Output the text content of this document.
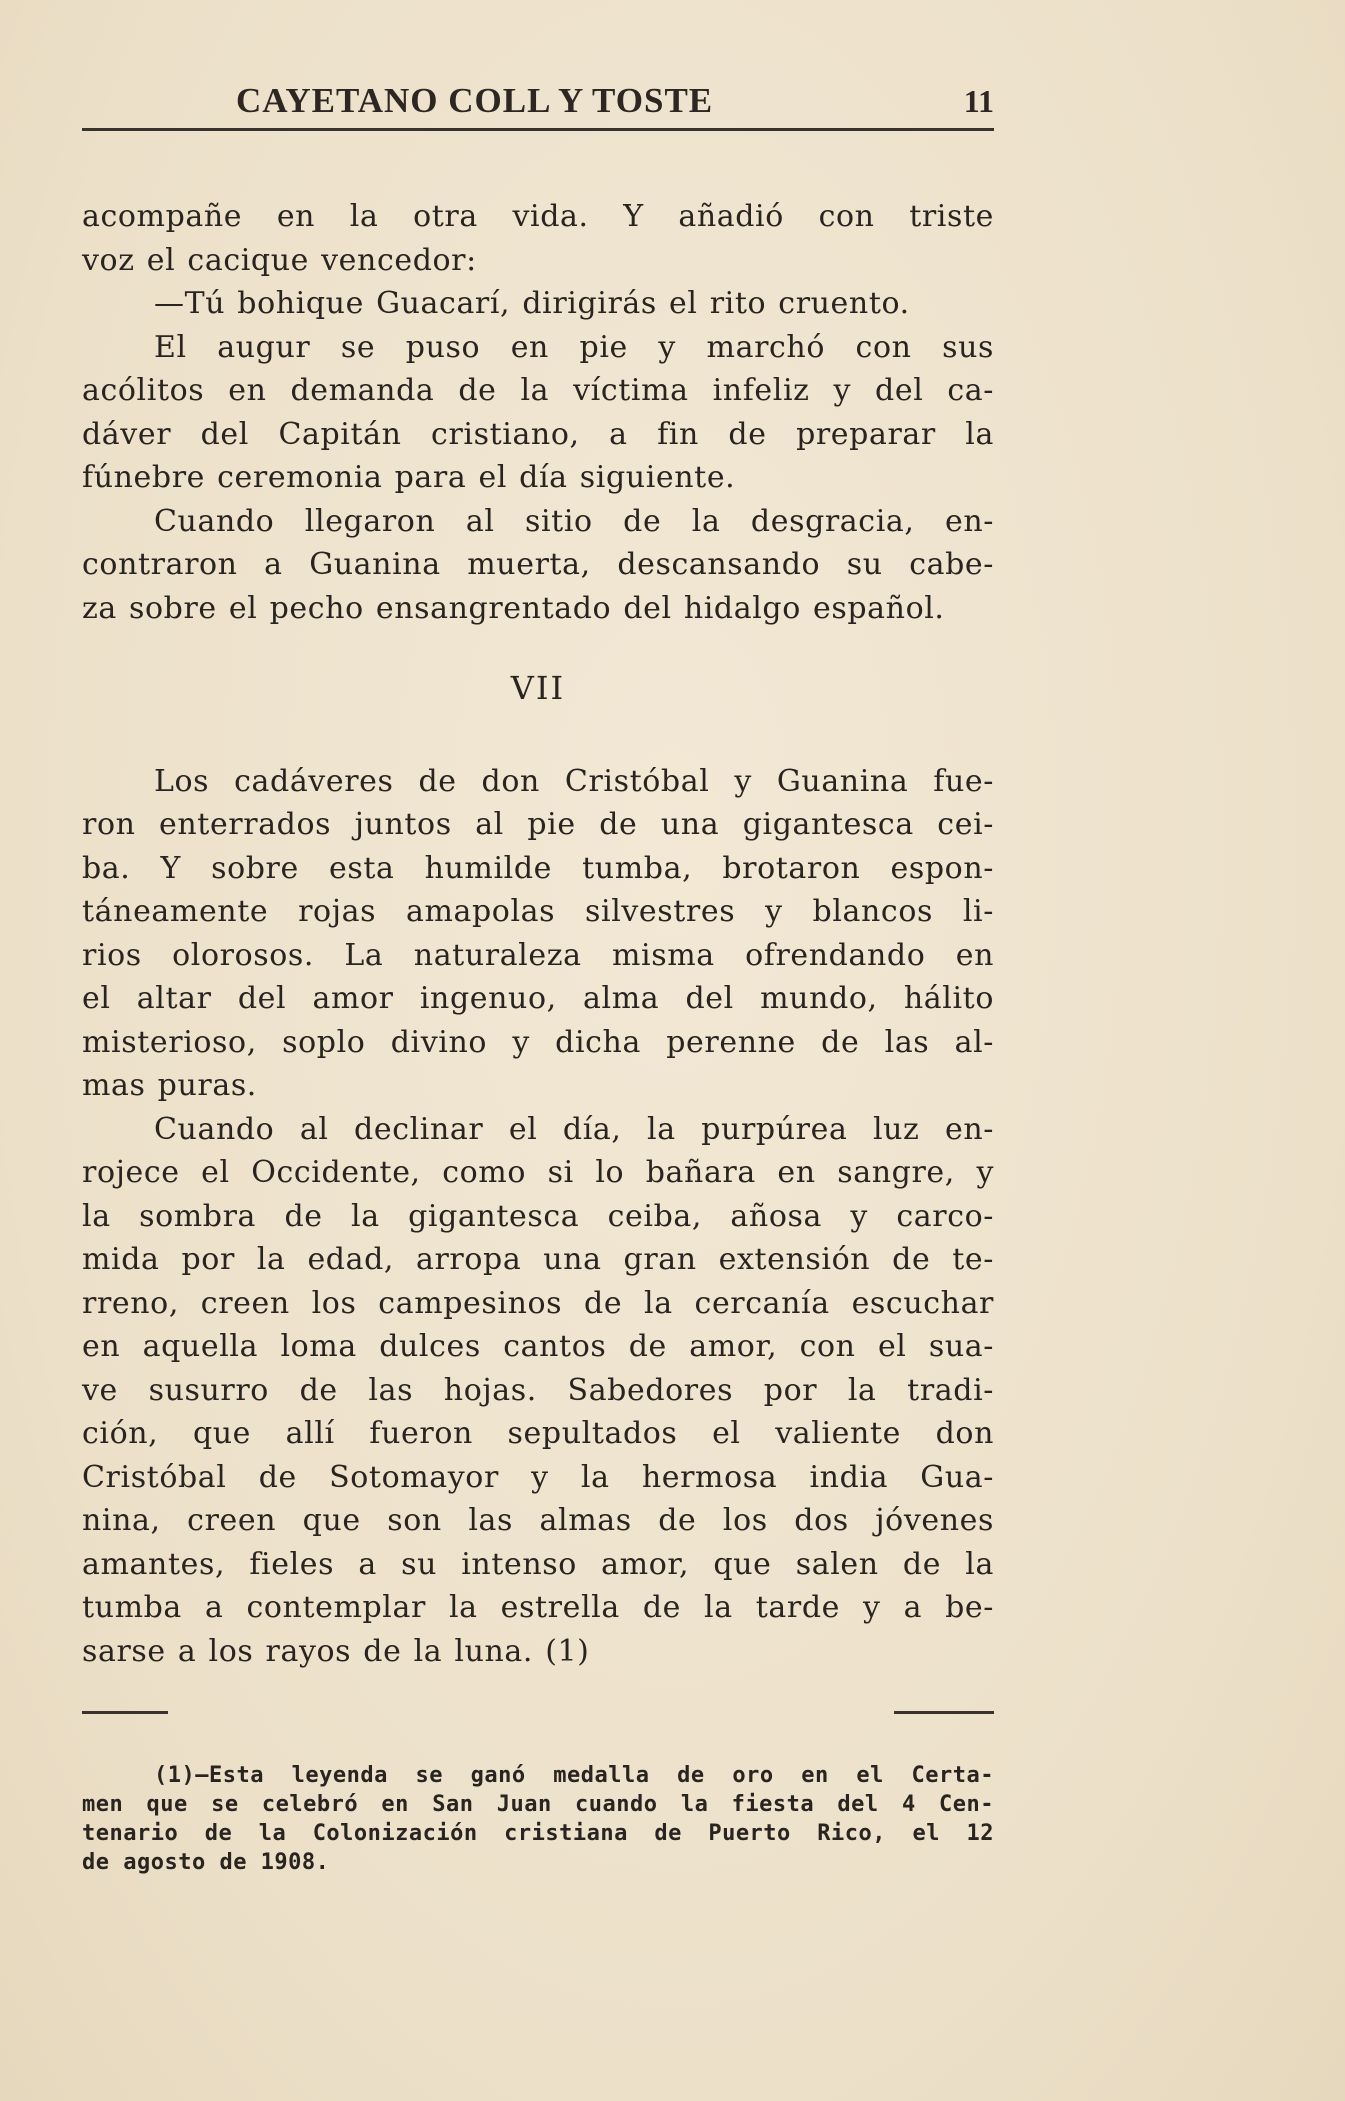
CAYETANO COLL Y TOSTE	11
acompañe en la otra vida. Y añadió con triste
voz el cacique vencedor:
—Tú bohique Guacarí, dirigirás el rito cruento.
El augur se puso en pie y marchó con sus
acólitos en demanda de la víctima infeliz y del ca-
dáver del Capitán cristiano, a fin de preparar la
fúnebre ceremonia para el día siguiente.
Cuando llegaron al sitio de la desgracia, en-
contraron a Guanina muerta, descansando su cabe-
za sobre el pecho ensangrentado del hidalgo español.
VII
Los cadáveres de don Cristóbal y Guanina fue-
ron enterrados juntos al pie de una gigantesca cei-
ba. Y sobre esta humilde tumba, brotaron espon-
táneamente rojas amapolas silvestres y blancos li-
rios olorosos. La naturaleza misma ofrendando en
el altar del amor ingenuo, alma del mundo, hálito
misterioso, soplo divino y dicha perenne de las al-
mas puras.
Cuando al declinar el día, la purpúrea luz en-
rojece el Occidente, como si lo bañara en sangre, y
la sombra de la gigantesca ceiba, añosa y carco-
mida por la edad, arropa una gran extensión de te-
rreno, creen los campesinos de la cercanía escuchar
en aquella loma dulces cantos de amor, con el sua-
ve susurro de las hojas. Sabedores por la tradi-
ción, que allí fueron sepultados el valiente don
Cristóbal de Sotomayor y la hermosa india Gua-
nina, creen que son las almas de los dos jóvenes
amantes, fieles a su intenso amor, que salen de la
tumba a contemplar la estrella de la tarde y a be-
sarse a los rayos de la luna. (1)
(1)—Esta leyenda se ganó medalla de oro en el Certa-
men que se celebró en San Juan cuando la fiesta del 4 Cen-
tenario de la Colonización cristiana de Puerto Rico, el 12
de agosto de 1908.
